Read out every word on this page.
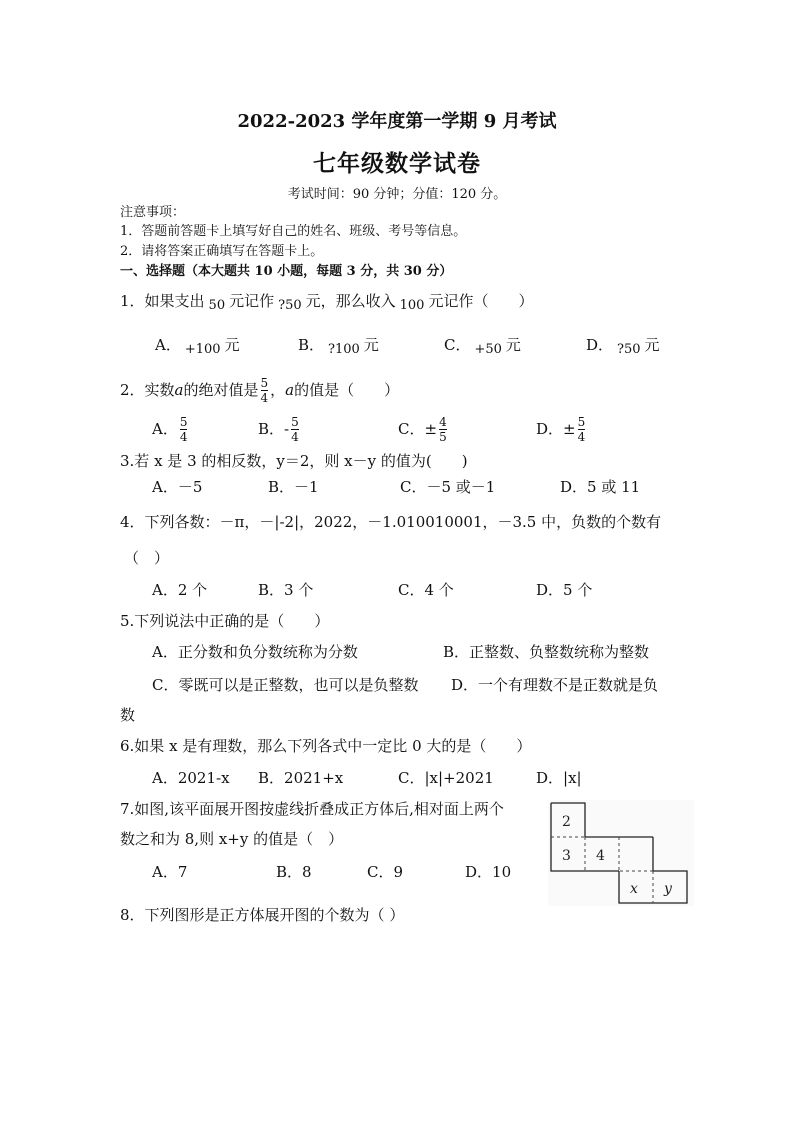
2022-2023 学年度第一学期 9 月考试
七年级数学试卷
考试时间：90 分钟；分值：120 分。
注意事项：
1．答题前答题卡上填写好自己的姓名、班级、考号等信息。
2．请将答案正确填写在答题卡上。
一、选择题（本大题共 10 小题，每题 3 分，共 30 分）
1．如果支出 50 元记作 ?50 元，那么收入 100 元记作（　　）
A． +100 元	B． ?100 元	C． +50 元	D． ?50 元
2．实数a的绝对值是 $\frac{5}{4}$ ，a的值是（　　）
A． $\frac{5}{4}$	B．- $\frac{5}{4}$	C．± $\frac{4}{5}$	D．± $\frac{5}{4}$
3.若 x 是 3 的相反数，y＝2，则 x－y 的值为(　　)
A．－5	B．－1	C．－5 或－1	D．5 或 11
4．下列各数：－π，－|-2|，2022，－1.010010001，－3.5 中，负数的个数有
（　）
A．2 个	B．3 个	C．4 个	D．5 个
5.下列说法中正确的是（　　）
A．正分数和负分数统称为分数	B．正整数、负整数统称为整数
C．零既可以是正整数，也可以是负整数 D．一个有理数不是正数就是负
数
6.如果 x 是有理数，那么下列各式中一定比 0 大的是（　　）
A．2021-x B．2021+x	C．|x|+2021	D．|x|
7.如图,该平面展开图按虚线折叠成正方体后,相对面上两个
数之和为 8,则 x+y 的值是（　）
A．7	B．8	C．9	D．10
2
3 4
x y
8．下列图形是正方体展开图的个数为（ ）
